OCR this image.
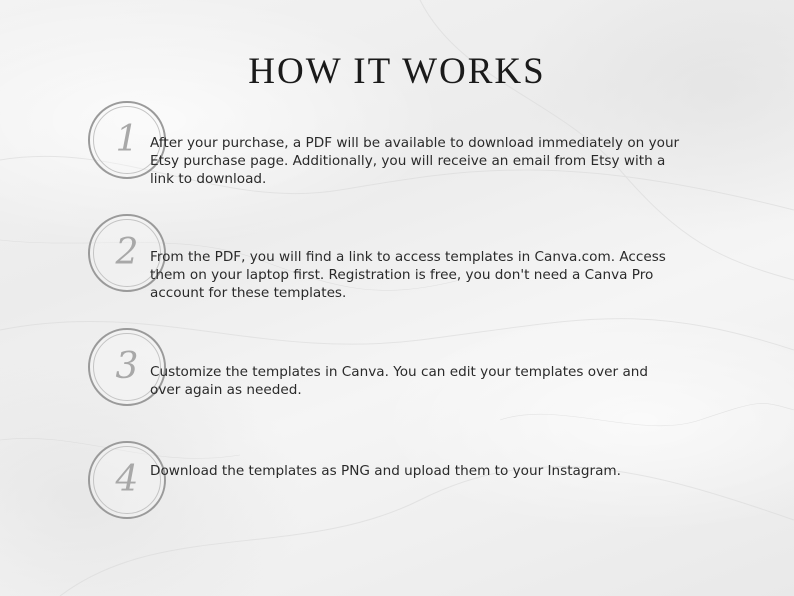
HOW IT WORKS
1 After your purchase, a PDF will be available to download immediately on your Etsy purchase page. Additionally, you will receive an email from Etsy with a link to download.
2 From the PDF, you will find a link to access templates in Canva.com. Access them on your laptop first. Registration is free, you don't need a Canva Pro account for these templates.
3 Customize the templates in Canva. You can edit your templates over and over again as needed.
4 Download the templates as PNG and upload them to your Instagram.
